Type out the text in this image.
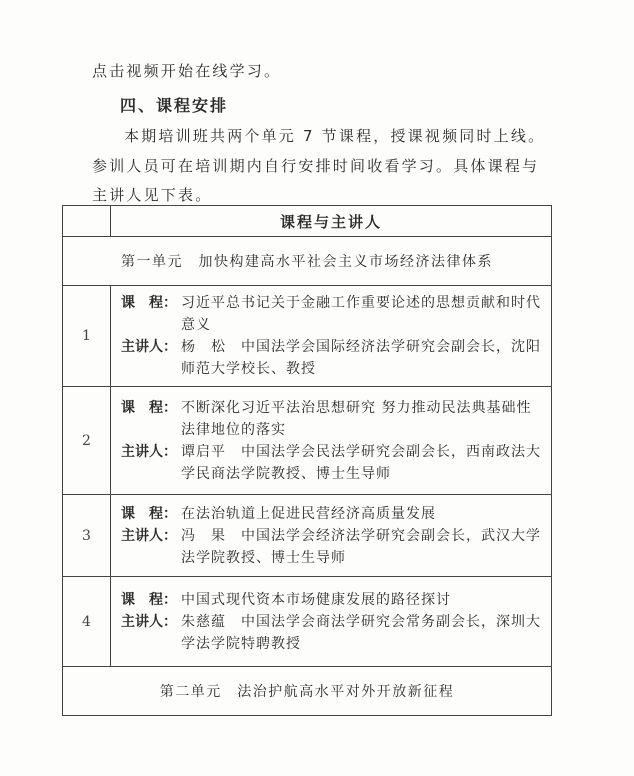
点击视频开始在线学习。
四、课程安排
本期培训班共两个单元 7 节课程，授课视频同时上线。
参训人员可在培训期内自行安排时间收看学习。具体课程与
主讲人见下表。
	课程与主讲人
第一单元　加快构建高水平社会主义市场经济法律体系	
1	课　程： 习近平总书记关于金融工作重要论述的思想贡献和时代意义
主讲人： 杨　松　中国法学会国际经济法学研究会副会长，沈阳师范大学校长、教授

2	课　程： 不断深化习近平法治思想研究 努力推动民法典基础性法律地位的落实
主讲人： 谭启平　中国法学会民法学研究会副会长，西南政法大学民商法学院教授、博士生导师

3	课　程： 在法治轨道上促进民营经济高质量发展
主讲人： 冯　果　中国法学会经济法学研究会副会长，武汉大学法学院教授、博士生导师

4	课　程： 中国式现代资本市场健康发展的路径探讨
主讲人： 朱慈蕴　中国法学会商法学研究会常务副会长，深圳大学法学院特聘教授

第二单元　法治护航高水平对外开放新征程	
